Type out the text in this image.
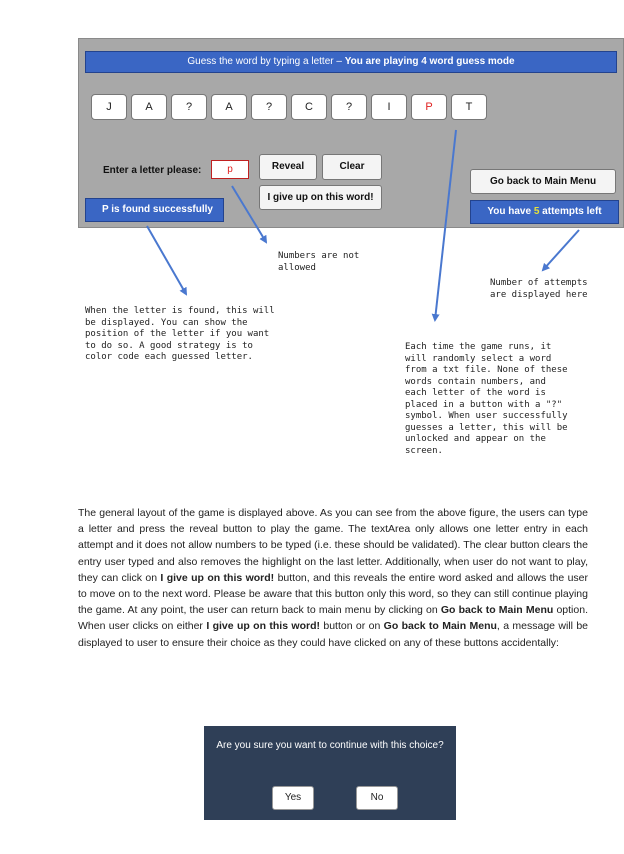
Guess the word by typing a letter – You are playing 4 word guess mode
J	A	?	A	?	C	?	I	P	T
Enter a letter please:	p	Reveal	Clear
I give up on this word!
Go back to Main Menu
P is found successfully	You have 5 attempts left
Numbers are not
allowed
Number of attempts
are displayed here
When the letter is found, this will
be displayed. You can show the
position of the letter if you want
to do so. A good strategy is to
color code each guessed letter.
Each time the game runs, it
will randomly select a word
from a txt file. None of these
words contain numbers, and
each letter of the word is
placed in a button with a "?"
symbol. When user successfully
guesses a letter, this will be
unlocked and appear on the
screen.
The general layout of the game is displayed above. As you can see from the above figure, the users can type a letter and press the reveal button to play the game. The textArea only allows one letter entry in each attempt and it does not allow numbers to be typed (i.e. these should be validated). The clear button clears the entry user typed and also removes the highlight on the last letter. Additionally, when user do not want to play, they can click on I give up on this word! button, and this reveals the entire word asked and allows the user to move on to the next word. Please be aware that this button only this word, so they can still continue playing the game. At any point, the user can return back to main menu by clicking on Go back to Main Menu option. When user clicks on either I give up on this word! button or on Go back to Main Menu, a message will be displayed to user to ensure their choice as they could have clicked on any of these buttons accidentally:
Are you sure you want to continue with this choice?
Yes	No
